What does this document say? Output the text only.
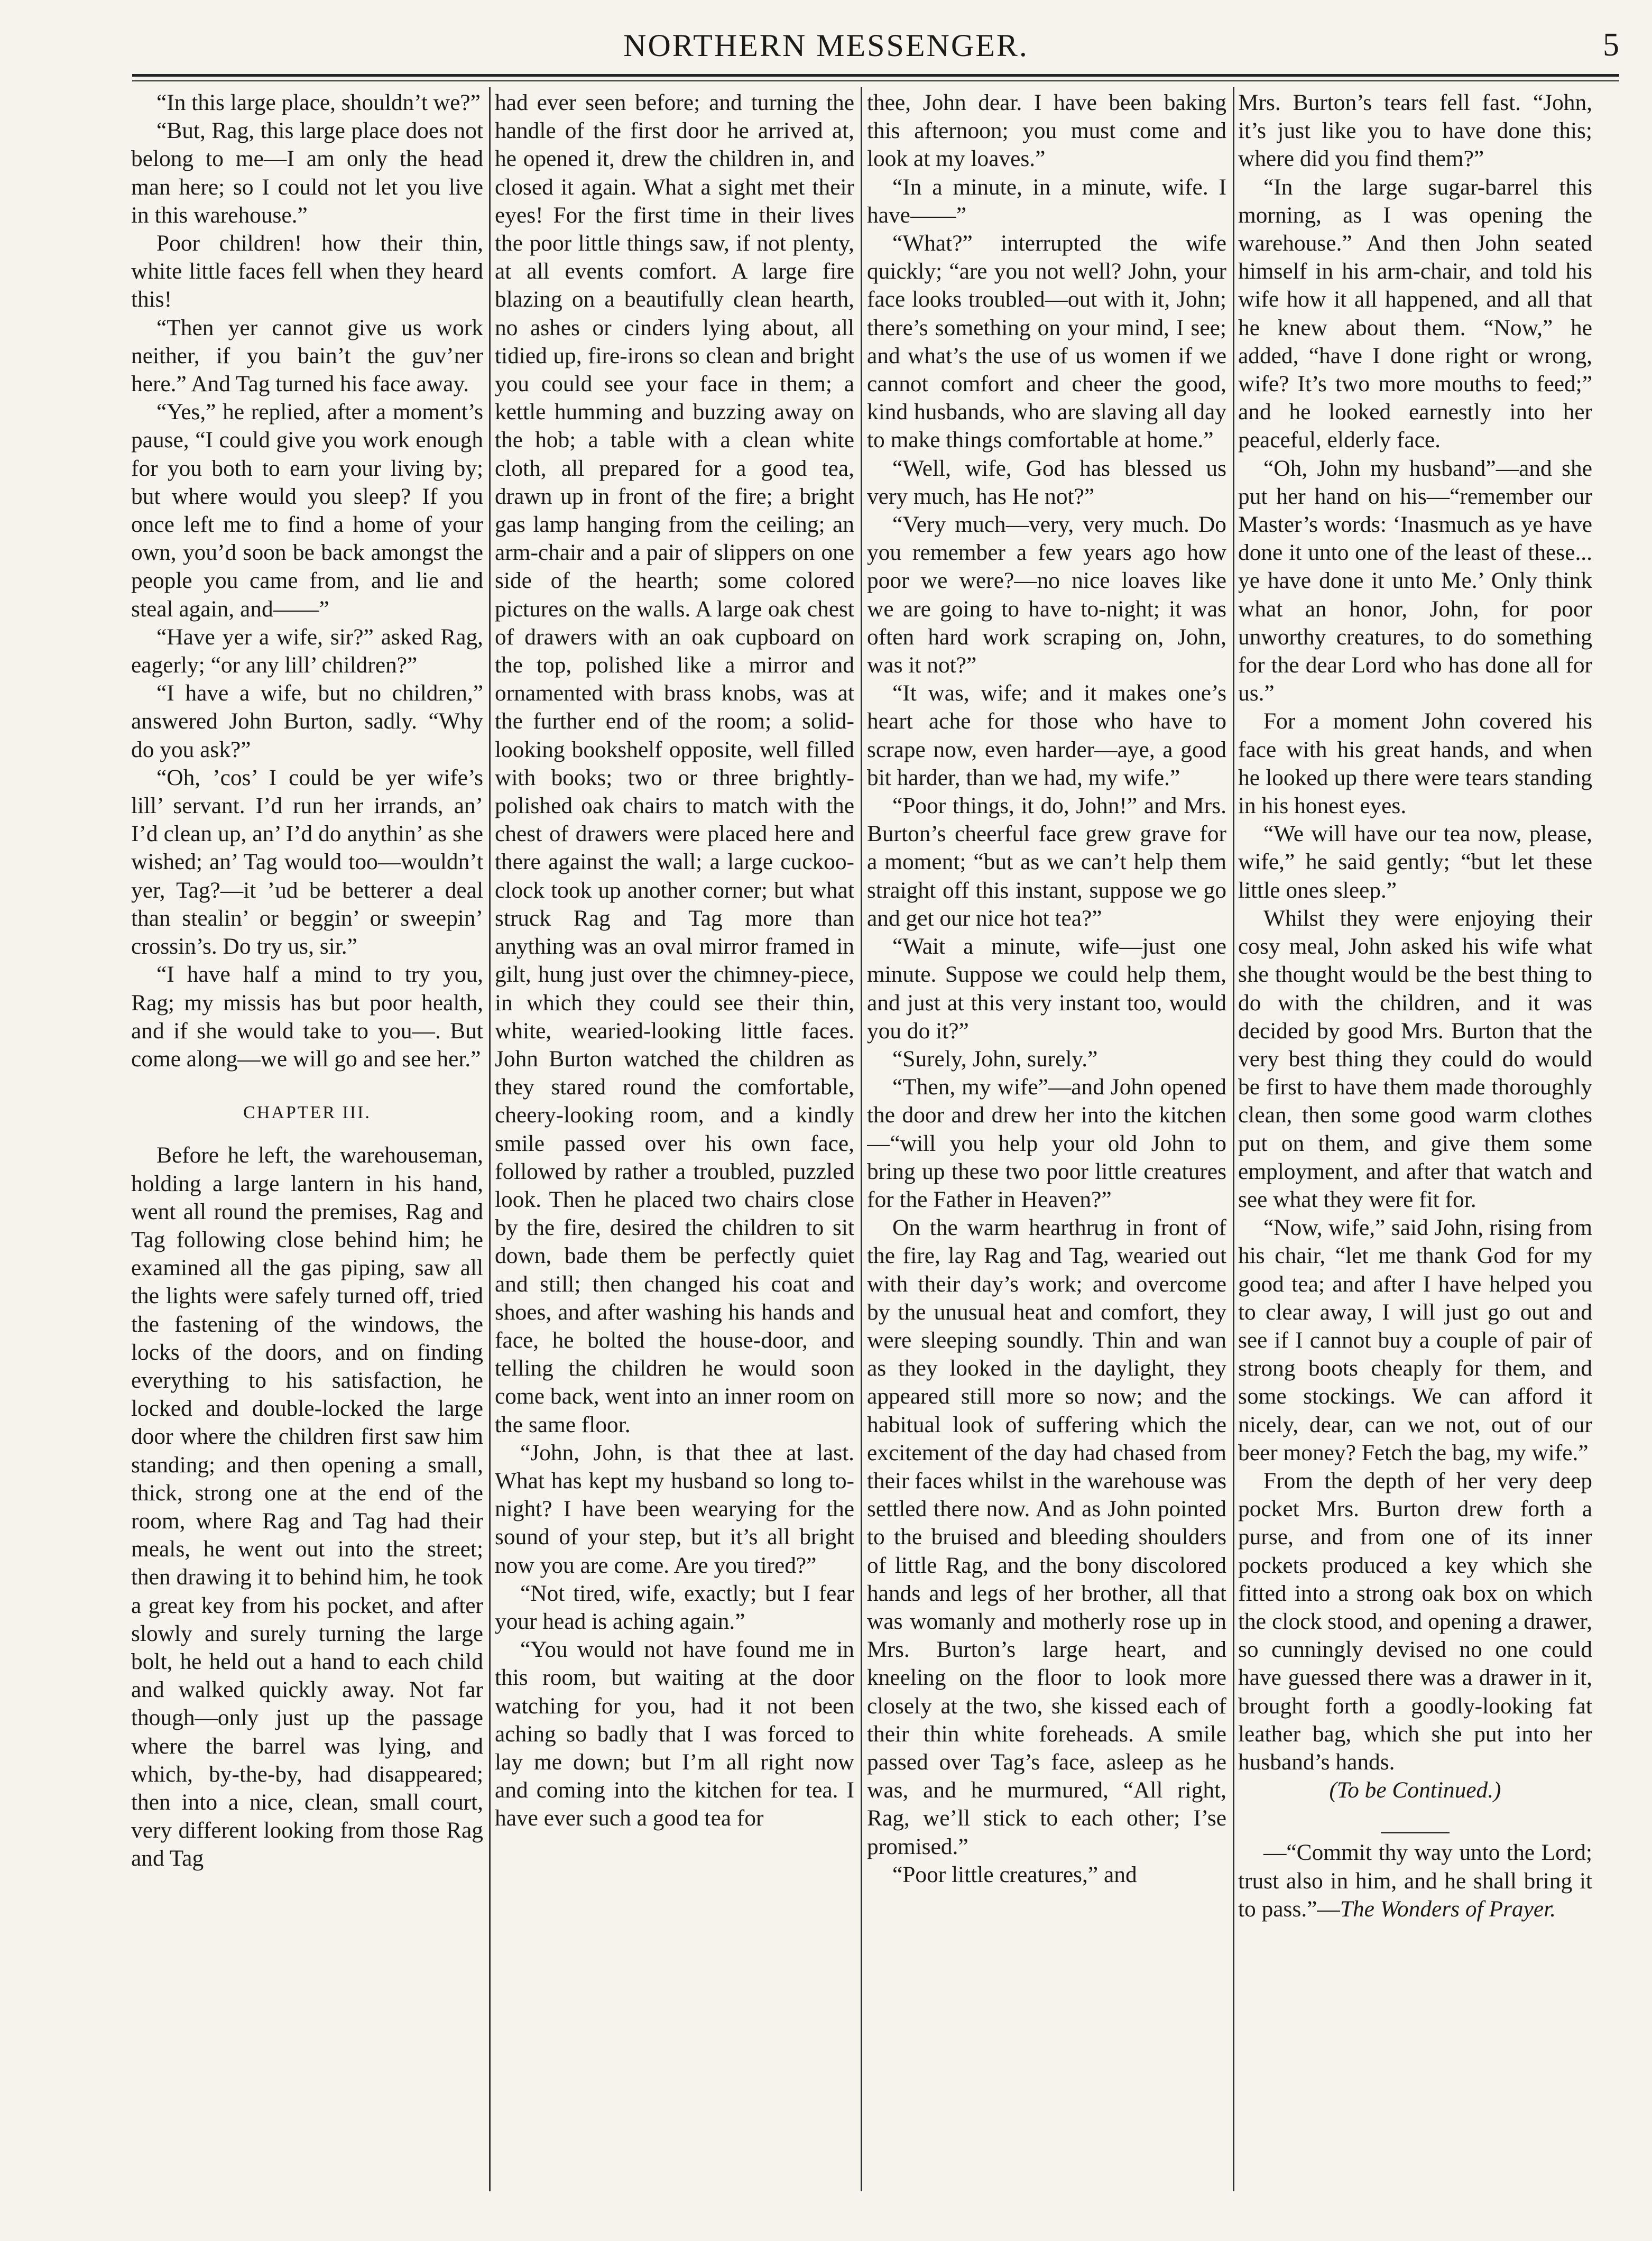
NORTHERN MESSENGER.	5

“In this large place, shouldn’t we?”

“But, Rag, this large place does not belong to me—I am only the head man here; so I could not let you live in this warehouse.”

Poor children! how their thin, white little faces fell when they heard this!

“Then yer cannot give us work neither, if you bain’t the guv’ner here.” And Tag turned his face away.

“Yes,” he replied, after a moment’s pause, “I could give you work enough for you both to earn your living by; but where would you sleep? If you once left me to find a home of your own, you’d soon be back amongst the people you came from, and lie and steal again, and——”

“Have yer a wife, sir?” asked Rag, eagerly; “or any lill’ children?”

“I have a wife, but no children,” answered John Burton, sadly. “Why do you ask?”

“Oh, ’cos’ I could be yer wife’s lill’ servant. I’d run her irrands, an’ I’d clean up, an’ I’d do anythin’ as she wished; an’ Tag would too—wouldn’t yer, Tag?—it ’ud be betterer a deal than stealin’ or beggin’ or sweepin’ crossin’s. Do try us, sir.”

“I have half a mind to try you, Rag; my missis has but poor health, and if she would take to you—. But come along—we will go and see her.”

CHAPTER III.

Before he left, the warehouseman, holding a large lantern in his hand, went all round the premises, Rag and Tag following close behind him; he examined all the gas piping, saw all the lights were safely turned off, tried the fastening of the windows, the locks of the doors, and on finding everything to his satisfaction, he locked and double-locked the large door where the children first saw him standing; and then opening a small, thick, strong one at the end of the room, where Rag and Tag had their meals, he went out into the street; then drawing it to behind him, he took a great key from his pocket, and after slowly and surely turning the large bolt, he held out a hand to each child and walked quickly away. Not far though—only just up the passage where the barrel was lying, and which, by-the-by, had disappeared; then into a nice, clean, small court, very different looking from those Rag and Tag

had ever seen before; and turning the handle of the first door he arrived at, he opened it, drew the children in, and closed it again. What a sight met their eyes! For the first time in their lives the poor little things saw, if not plenty, at all events comfort. A large fire blazing on a beautifully clean hearth, no ashes or cinders lying about, all tidied up, fire-irons so clean and bright you could see your face in them; a kettle humming and buzzing away on the hob; a table with a clean white cloth, all prepared for a good tea, drawn up in front of the fire; a bright gas lamp hanging from the ceiling; an arm-chair and a pair of slippers on one side of the hearth; some colored pictures on the walls. A large oak chest of drawers with an oak cupboard on the top, polished like a mirror and ornamented with brass knobs, was at the further end of the room; a solid-looking bookshelf opposite, well filled with books; two or three brightly-polished oak chairs to match with the chest of drawers were placed here and there against the wall; a large cuckoo-clock took up another corner; but what struck Rag and Tag more than anything was an oval mirror framed in gilt, hung just over the chimney-piece, in which they could see their thin, white, wearied-looking little faces. John Burton watched the children as they stared round the comfortable, cheery-looking room, and a kindly smile passed over his own face, followed by rather a troubled, puzzled look. Then he placed two chairs close by the fire, desired the children to sit down, bade them be perfectly quiet and still; then changed his coat and shoes, and after washing his hands and face, he bolted the house-door, and telling the children he would soon come back, went into an inner room on the same floor.

“John, John, is that thee at last. What has kept my husband so long to-night? I have been wearying for the sound of your step, but it’s all bright now you are come. Are you tired?”

“Not tired, wife, exactly; but I fear your head is aching again.”

“You would not have found me in this room, but waiting at the door watching for you, had it not been aching so badly that I was forced to lay me down; but I’m all right now and coming into the kitchen for tea. I have ever such a good tea for

thee, John dear. I have been baking this afternoon; you must come and look at my loaves.”

“In a minute, in a minute, wife. I have——”

“What?” interrupted the wife quickly; “are you not well? John, your face looks troubled—out with it, John; there’s something on your mind, I see; and what’s the use of us women if we cannot comfort and cheer the good, kind husbands, who are slaving all day to make things comfortable at home.”

“Well, wife, God has blessed us very much, has He not?”

“Very much—very, very much. Do you remember a few years ago how poor we were?—no nice loaves like we are going to have to-night; it was often hard work scraping on, John, was it not?”

“It was, wife; and it makes one’s heart ache for those who have to scrape now, even harder—aye, a good bit harder, than we had, my wife.”

“Poor things, it do, John!” and Mrs. Burton’s cheerful face grew grave for a moment; “but as we can’t help them straight off this instant, suppose we go and get our nice hot tea?”

“Wait a minute, wife—just one minute. Suppose we could help them, and just at this very instant too, would you do it?”

“Surely, John, surely.”

“Then, my wife”—and John opened the door and drew her into the kitchen—“will you help your old John to bring up these two poor little creatures for the Father in Heaven?”

On the warm hearthrug in front of the fire, lay Rag and Tag, wearied out with their day’s work; and overcome by the unusual heat and comfort, they were sleeping soundly. Thin and wan as they looked in the daylight, they appeared still more so now; and the habitual look of suffering which the excitement of the day had chased from their faces whilst in the warehouse was settled there now. And as John pointed to the bruised and bleeding shoulders of little Rag, and the bony discolored hands and legs of her brother, all that was womanly and motherly rose up in Mrs. Burton’s large heart, and kneeling on the floor to look more closely at the two, she kissed each of their thin white foreheads. A smile passed over Tag’s face, asleep as he was, and he murmured, “All right, Rag, we’ll stick to each other; I’se promised.”

“Poor little creatures,” and

Mrs. Burton’s tears fell fast. “John, it’s just like you to have done this; where did you find them?”

“In the large sugar-barrel this morning, as I was opening the warehouse.” And then John seated himself in his arm-chair, and told his wife how it all happened, and all that he knew about them. “Now,” he added, “have I done right or wrong, wife? It’s two more mouths to feed;” and he looked earnestly into her peaceful, elderly face.

“Oh, John my husband”—and she put her hand on his—“remember our Master’s words: ‘Inasmuch as ye have done it unto one of the least of these... ye have done it unto Me.’ Only think what an honor, John, for poor unworthy creatures, to do something for the dear Lord who has done all for us.”

For a moment John covered his face with his great hands, and when he looked up there were tears standing in his honest eyes.

“We will have our tea now, please, wife,” he said gently; “but let these little ones sleep.”

Whilst they were enjoying their cosy meal, John asked his wife what she thought would be the best thing to do with the children, and it was decided by good Mrs. Burton that the very best thing they could do would be first to have them made thoroughly clean, then some good warm clothes put on them, and give them some employment, and after that watch and see what they were fit for.

“Now, wife,” said John, rising from his chair, “let me thank God for my good tea; and after I have helped you to clear away, I will just go out and see if I cannot buy a couple of pair of strong boots cheaply for them, and some stockings. We can afford it nicely, dear, can we not, out of our beer money? Fetch the bag, my wife.”

From the depth of her very deep pocket Mrs. Burton drew forth a purse, and from one of its inner pockets produced a key which she fitted into a strong oak box on which the clock stood, and opening a drawer, so cunningly devised no one could have guessed there was a drawer in it, brought forth a goodly-looking fat leather bag, which she put into her husband’s hands.

(To be Continued.)

—“Commit thy way unto the Lord; trust also in him, and he shall bring it to pass.”—The Wonders of Prayer.
